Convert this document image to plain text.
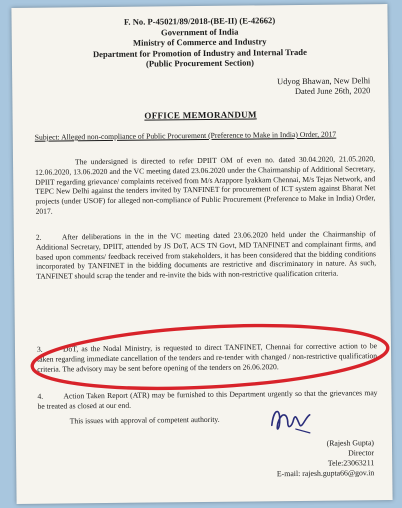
F. No. P-45021/89/2018-(BE-II) (E-42662)
Government of India
Ministry of Commerce and Industry
Department for Promotion of Industry and Internal Trade
(Public Procurement Section)
Udyog Bhawan, New Delhi
Dated June 26th, 2020
OFFICE MEMORANDUM
Subject: Alleged non-compliance of Public Procurement (Preference to Make in India) Order, 2017
The undersigned is directed to refer DPIIT OM of even no. dated 30.04.2020, 21.05.2020, 12.06.2020, 13.06.2020 and the VC meeting dated 23.06.2020 under the Chairmanship of Additional Secretary, DPIIT regarding grievance/ complaints received from M/s Arappore Iyakkam Chennai, M/s Tejas Network, and TEPC New Delhi against the tenders invited by TANFINET for procurement of ICT system against Bharat Net projects (under USOF) for alleged non-compliance of Public Procurement (Preference to Make in India) Order, 2017.
2.	After deliberations in the in the VC meeting dated 23.06.2020 held under the Chairmanship of Additional Secretary, DPIIT, attended by JS DoT, ACS TN Govt, MD TANFINET and complainant firms, and based upon comments/ feedback received from stakeholders, it has been considered that the bidding conditions incorporated by TANFINET in the bidding documents are restrictive and discriminatory in nature. As such, TANFINET should scrap the tender and re-invite the bids with non-restrictive qualification criteria.
3.	DoT, as the Nodal Ministry, is requested to direct TANFINET, Chennai for corrective action to be taken regarding immediate cancellation of the tenders and re-tender with changed / non-restrictive qualification criteria. The advisory may be sent before opening of the tenders on 26.06.2020.
4.	Action Taken Report (ATR) may be furnished to this Department urgently so that the grievances may be treated as closed at our end.
This issues with approval of competent authority.
(Rajesh Gupta)
Director
Tele:23063211
E-mail: rajesh.gupta66@gov.in
